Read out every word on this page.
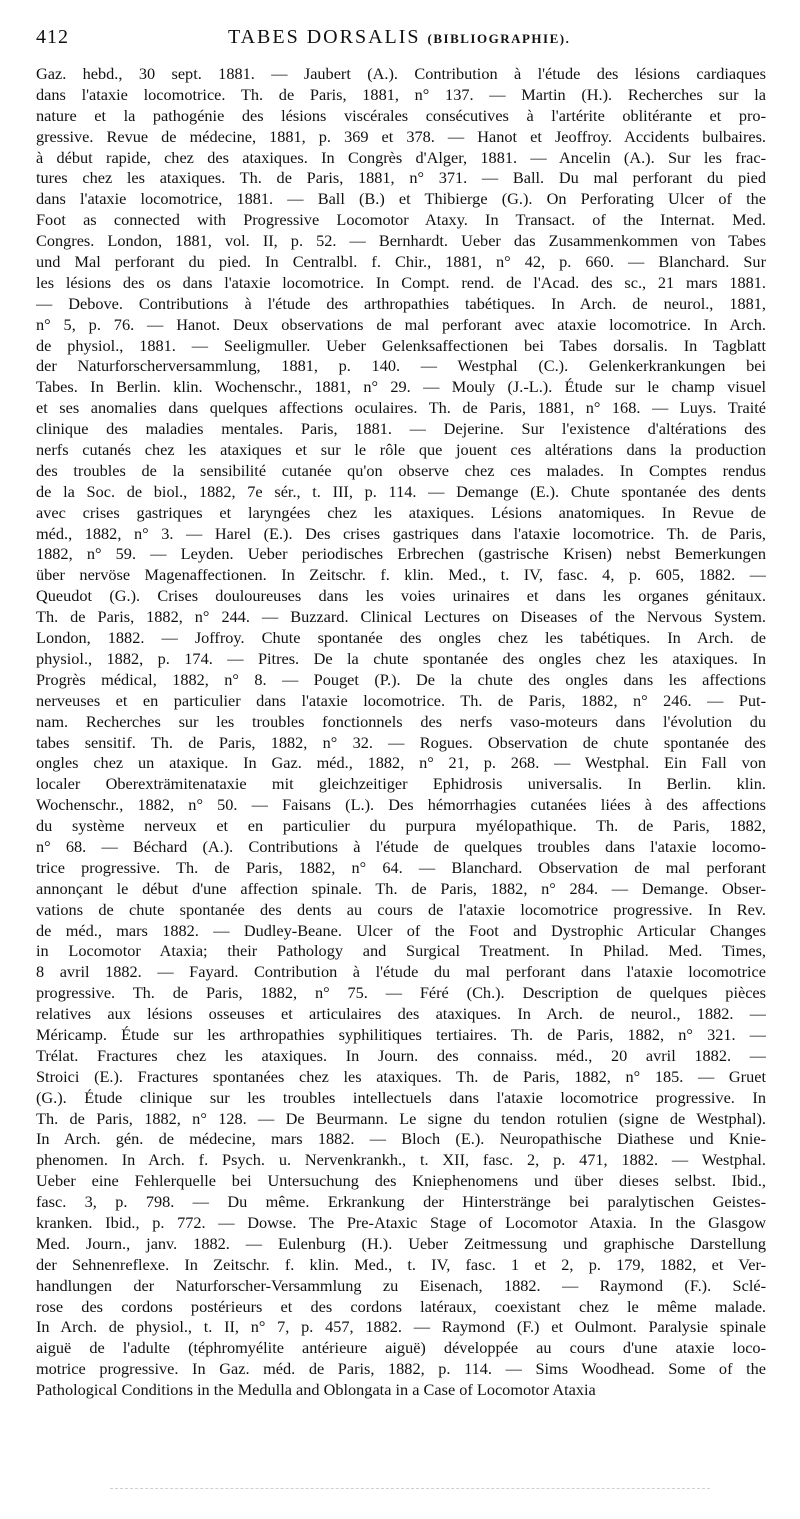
412	TABES DORSALIS (BIBLIOGRAPHIE).
Gaz. hebd., 30 sept. 1881. — Jaubert (A.). Contribution à l'étude des lésions cardiaques
dans l'ataxie locomotrice. Th. de Paris, 1881, n° 137. — Martin (H.). Recherches sur la
nature et la pathogénie des lésions viscérales consécutives à l'artérite oblitérante et pro-
gressive. Revue de médecine, 1881, p. 369 et 378. — Hanot et Jeoffroy. Accidents bulbaires.
à début rapide, chez des ataxiques. In Congrès d'Alger, 1881. — Ancelin (A.). Sur les frac-
tures chez les ataxiques. Th. de Paris, 1881, n° 371. — Ball. Du mal perforant du pied
dans l'ataxie locomotrice, 1881. — Ball (B.) et Thibierge (G.). On Perforating Ulcer of the
Foot as connected with Progressive Locomotor Ataxy. In Transact. of the Internat. Med.
Congres. London, 1881, vol. II, p. 52. — Bernhardt. Ueber das Zusammenkommen von Tabes
und Mal perforant du pied. In Centralbl. f. Chir., 1881, n° 42, p. 660. — Blanchard. Sur
les lésions des os dans l'ataxie locomotrice. In Compt. rend. de l'Acad. des sc., 21 mars 1881.
— Debove. Contributions à l'étude des arthropathies tabétiques. In Arch. de neurol., 1881,
n° 5, p. 76. — Hanot. Deux observations de mal perforant avec ataxie locomotrice. In Arch.
de physiol., 1881. — Seeligmuller. Ueber Gelenksaffectionen bei Tabes dorsalis. In Tagblatt
der Naturforscherversammlung, 1881, p. 140. — Westphal (C.). Gelenkerkrankungen bei
Tabes. In Berlin. klin. Wochenschr., 1881, n° 29. — Mouly (J.-L.). Étude sur le champ visuel
et ses anomalies dans quelques affections oculaires. Th. de Paris, 1881, n° 168. — Luys. Traité
clinique des maladies mentales. Paris, 1881. — Dejerine. Sur l'existence d'altérations des
nerfs cutanés chez les ataxiques et sur le rôle que jouent ces altérations dans la production
des troubles de la sensibilité cutanée qu'on observe chez ces malades. In Comptes rendus
de la Soc. de biol., 1882, 7e sér., t. III, p. 114. — Demange (E.). Chute spontanée des dents
avec crises gastriques et laryngées chez les ataxiques. Lésions anatomiques. In Revue de
méd., 1882, n° 3. — Harel (E.). Des crises gastriques dans l'ataxie locomotrice. Th. de Paris,
1882, n° 59. — Leyden. Ueber periodisches Erbrechen (gastrische Krisen) nebst Bemerkungen
über nervöse Magenaffectionen. In Zeitschr. f. klin. Med., t. IV, fasc. 4, p. 605, 1882. —
Queudot (G.). Crises douloureuses dans les voies urinaires et dans les organes génitaux.
Th. de Paris, 1882, n° 244. — Buzzard. Clinical Lectures on Diseases of the Nervous System.
London, 1882. — Joffroy. Chute spontanée des ongles chez les tabétiques. In Arch. de
physiol., 1882, p. 174. — Pitres. De la chute spontanée des ongles chez les ataxiques. In
Progrès médical, 1882, n° 8. — Pouget (P.). De la chute des ongles dans les affections
nerveuses et en particulier dans l'ataxie locomotrice. Th. de Paris, 1882, n° 246. — Put-
nam. Recherches sur les troubles fonctionnels des nerfs vaso-moteurs dans l'évolution du
tabes sensitif. Th. de Paris, 1882, n° 32. — Rogues. Observation de chute spontanée des
ongles chez un ataxique. In Gaz. méd., 1882, n° 21, p. 268. — Westphal. Ein Fall von
localer Oberexträmitenataxie mit gleichzeitiger Ephidrosis universalis. In Berlin. klin.
Wochenschr., 1882, n° 50. — Faisans (L.). Des hémorrhagies cutanées liées à des affections
du système nerveux et en particulier du purpura myélopathique. Th. de Paris, 1882,
n° 68. — Béchard (A.). Contributions à l'étude de quelques troubles dans l'ataxie locomo-
trice progressive. Th. de Paris, 1882, n° 64. — Blanchard. Observation de mal perforant
annonçant le début d'une affection spinale. Th. de Paris, 1882, n° 284. — Demange. Obser-
vations de chute spontanée des dents au cours de l'ataxie locomotrice progressive. In Rev.
de méd., mars 1882. — Dudley-Beane. Ulcer of the Foot and Dystrophic Articular Changes
in Locomotor Ataxia; their Pathology and Surgical Treatment. In Philad. Med. Times,
8 avril 1882. — Fayard. Contribution à l'étude du mal perforant dans l'ataxie locomotrice
progressive. Th. de Paris, 1882, n° 75. — Féré (Ch.). Description de quelques pièces
relatives aux lésions osseuses et articulaires des ataxiques. In Arch. de neurol., 1882. —
Méricamp. Étude sur les arthropathies syphilitiques tertiaires. Th. de Paris, 1882, n° 321. —
Trélat. Fractures chez les ataxiques. In Journ. des connaiss. méd., 20 avril 1882. —
Stroici (E.). Fractures spontanées chez les ataxiques. Th. de Paris, 1882, n° 185. — Gruet
(G.). Étude clinique sur les troubles intellectuels dans l'ataxie locomotrice progressive. In
Th. de Paris, 1882, n° 128. — De Beurmann. Le signe du tendon rotulien (signe de Westphal).
In Arch. gén. de médecine, mars 1882. — Bloch (E.). Neuropathische Diathese und Knie-
phenomen. In Arch. f. Psych. u. Nervenkrankh., t. XII, fasc. 2, p. 471, 1882. — Westphal.
Ueber eine Fehlerquelle bei Untersuchung des Kniephenomens und über dieses selbst. Ibid.,
fasc. 3, p. 798. — Du même. Erkrankung der Hinterstränge bei paralytischen Geistes-
kranken. Ibid., p. 772. — Dowse. The Pre-Ataxic Stage of Locomotor Ataxia. In the Glasgow
Med. Journ., janv. 1882. — Eulenburg (H.). Ueber Zeitmessung und graphische Darstellung
der Sehnenreflexe. In Zeitschr. f. klin. Med., t. IV, fasc. 1 et 2, p. 179, 1882, et Ver-
handlungen der Naturforscher-Versammlung zu Eisenach, 1882. — Raymond (F.). Sclé-
rose des cordons postérieurs et des cordons latéraux, coexistant chez le même malade.
In Arch. de physiol., t. II, n° 7, p. 457, 1882. — Raymond (F.) et Oulmont. Paralysie spinale
aiguë de l'adulte (téphromyélite antérieure aiguë) développée au cours d'une ataxie loco-
motrice progressive. In Gaz. méd. de Paris, 1882, p. 114. — Sims Woodhead. Some of the
Pathological Conditions in the Medulla and Oblongata in a Case of Locomotor Ataxia
